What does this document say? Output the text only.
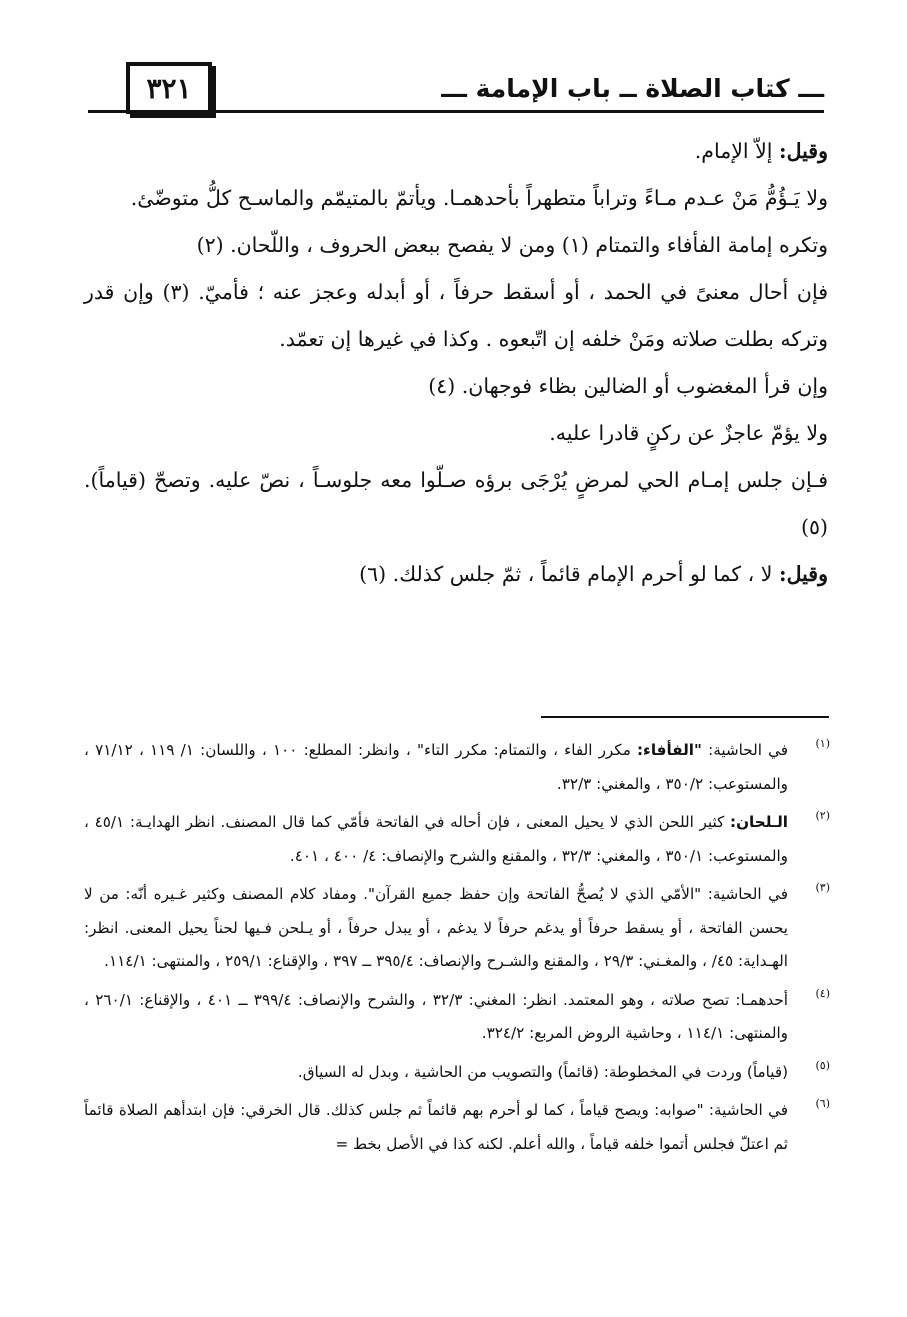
٣٢١	ـــ كتاب الصلاة ــ باب الإمامة ـــ

وقيل: إلاّ الإمام.

ولا يَـؤُمُّ مَنْ عـدم مـاءً وتراباً متطهراً بأحدهمـا. ويأتمّ بالمتيمّم والماسـح كلُّ متوضّئ.

وتكره إمامة الفأفاء والتمتام (١) ومن لا يفصح ببعض الحروف ، واللّحان. (٢)

فإن أحال معنىً في الحمد ، أو أسقط حرفاً ، أو أبدله وعجز عنه ؛ فأميّ. (٣) وإن قدر وتركه بطلت صلاته ومَنْ خلفه إن اتّبعوه . وكذا في غيرها إن تعمّد.

وإن قرأ المغضوب أو الضالين بظاء فوجهان. (٤)

ولا يؤمّ عاجزٌ عن ركنٍ قادرا عليه.

فـإن جلس إمـام الحي لمرضٍ يُرْجَى برؤه صـلّوا معه جلوسـاً ، نصّ عليه. وتصحّ (قياماً). (٥)

وقيل: لا ، كما لو أحرم الإمام قائماً ، ثمّ جلس كذلك. (٦)

(١)
في الحاشية: "الفأفاء: مكرر الفاء ، والتمتام: مكرر التاء" ، وانظر: المطلع: ١٠٠ ، واللسان: ١/ ١١٩ ، ٧١/١٢ ، والمستوعب: ٣٥٠/٢ ، والمغني: ٣٢/٣.
(٢)
الـلحان: كثير اللحن الذي لا يحيل المعنى ، فإن أحاله في الفاتحة فأمّي كما قال المصنف. انظر الهدايـة: ٤٥/١ ، والمستوعب: ٣٥٠/١ ، والمغني: ٣٢/٣ ، والمقنع والشرح والإنصاف: ٤/ ٤٠٠ ، ٤٠١.
(٣)
في الحاشية: "الأمّي الذي لا يُصحُّ الفاتحة وإن حفظ جميع القرآن". ومفاد كلام المصنف وكثير غـيره أنّه: من لا يحسن الفاتحة ، أو يسقط حرفاً أو يدغم حرفاً لا يدغم ، أو يبدل حرفاً ، أو يـلحن فـيها لحناً يحيل المعنى. انظر: الهـداية: ٤٥/ ، والمغـني: ٢٩/٣ ، والمقنع والشـرح والإنصاف: ٣٩٥/٤ ــ ٣٩٧ ، والإقناع: ٢٥٩/١ ، والمنتهى: ١١٤/١.
(٤)
أحدهمـا: تصح صلاته ، وهو المعتمد. انظر: المغني: ٣٢/٣ ، والشرح والإنصاف: ٣٩٩/٤ ــ ٤٠١ ، والإقناع: ٢٦٠/١ ، والمنتهى: ١١٤/١ ، وحاشية الروض المربع: ٣٢٤/٢.
(٥)
(قياماً) وردت في المخطوطة: (قائماً) والتصويب من الحاشية ، وبدل له السياق.
(٦)
في الحاشية: "صوابه: ويصح قياماً ، كما لو أحرم بهم قائماً ثم جلس كذلك. قال الخرقي: فإن ابتدأهم الصلاة قائماً ثم اعتلّ فجلس أتموا خلفه قياماً ، والله أعلم. لكنه كذا في الأصل بخط =
